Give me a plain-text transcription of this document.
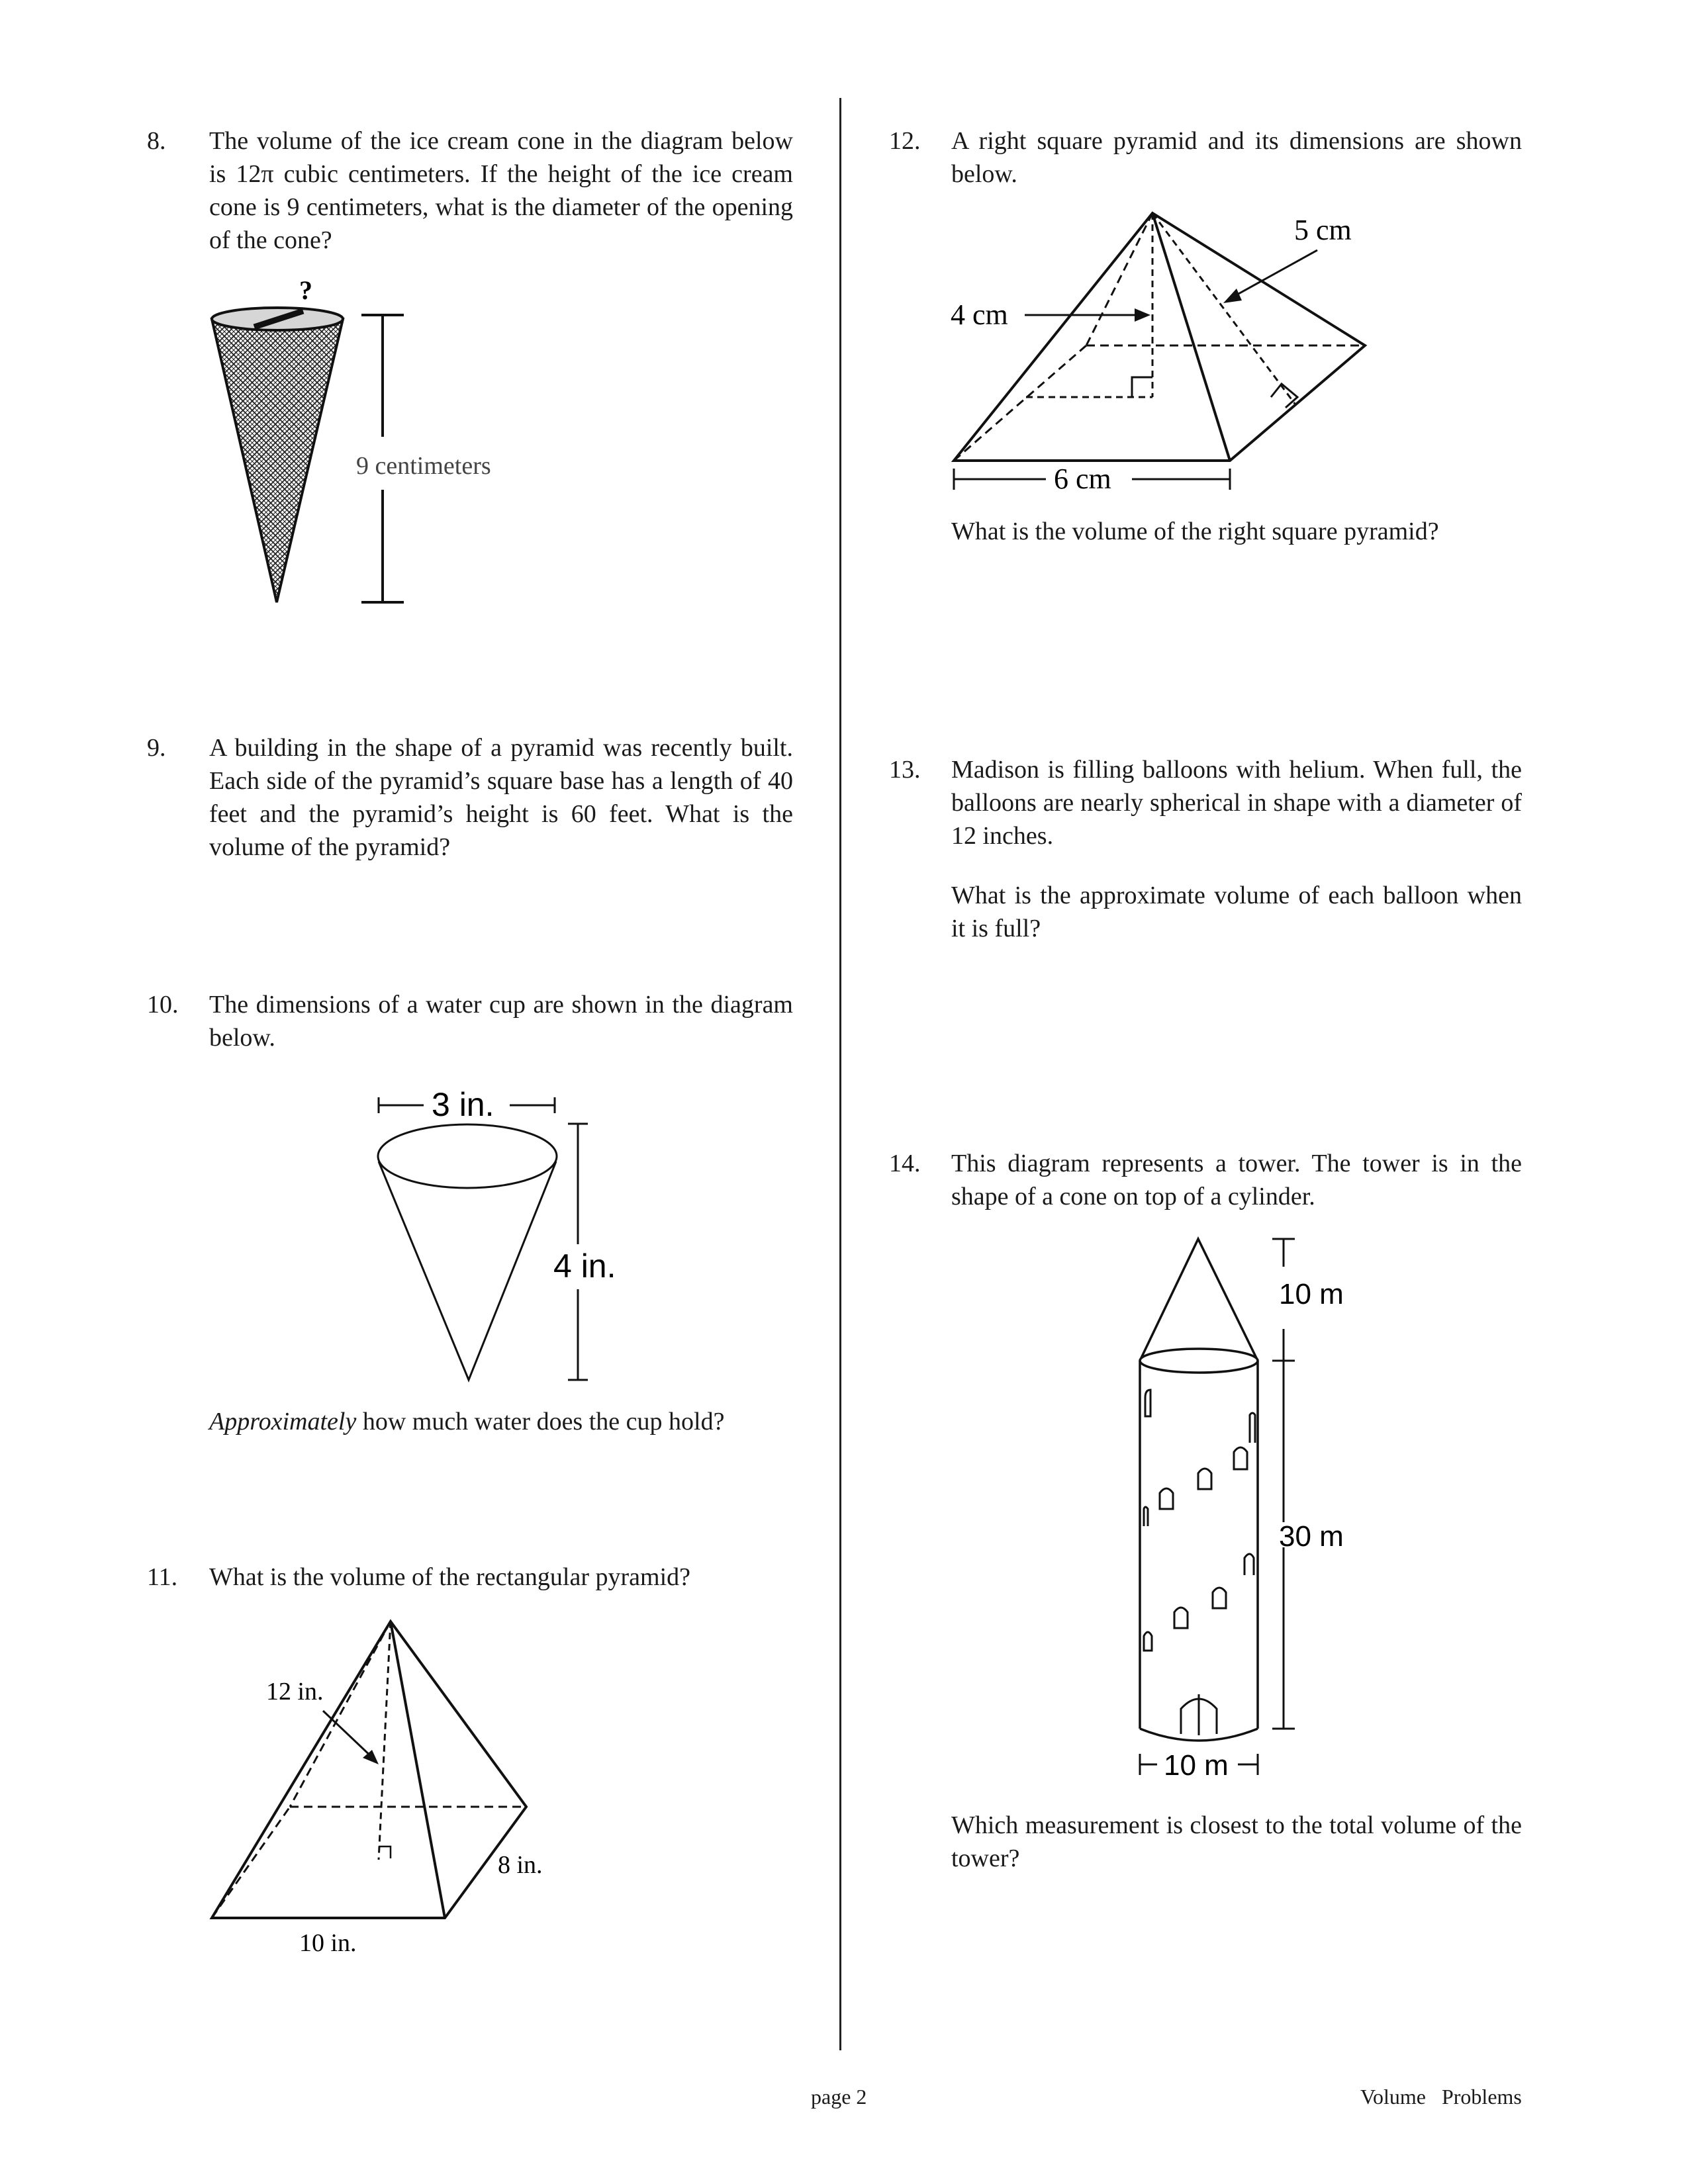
8. The volume of the ice cream cone in the diagram below is 12π cubic centimeters. If the height of the ice cream cone is 9 centimeters, what is the diameter of the opening of the cone?
?
9 centimeters
9. A building in the shape of a pyramid was recently built. Each side of the pyramid’s square base has a length of 40 feet and the pyramid’s height is 60 feet. What is the volume of the pyramid?
10. The dimensions of a water cup are shown in the diagram below.
3 in.
4 in.
Approximately how much water does the cup hold?
11. What is the volume of the rectangular pyramid?
12 in.
8 in.
10 in.
12. A right square pyramid and its dimensions are shown below.
5 cm
4 cm
6 cm
What is the volume of the right square pyramid?
13. Madison is filling balloons with helium. When full, the balloons are nearly spherical in shape with a diameter of 12 inches.
What is the approximate volume of each balloon when it is full?
14. This diagram represents a tower. The tower is in the shape of a cone on top of a cylinder.
10 m
30 m
10 m
Which measurement is closest to the total volume of the tower?
page 2	Volume   Problems
